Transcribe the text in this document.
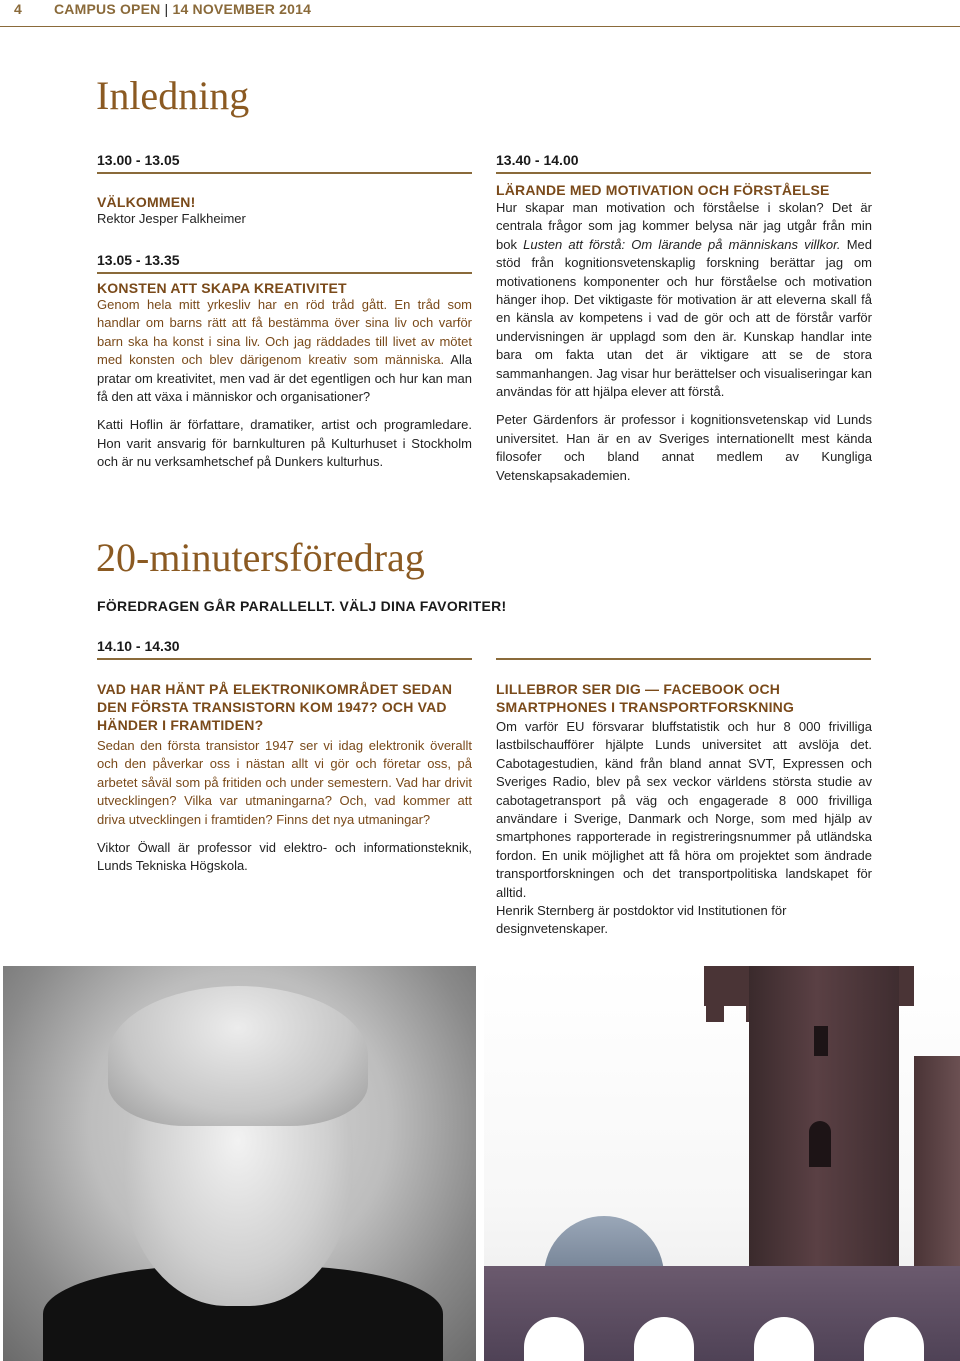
4 CAMPUS OPEN | 14 NOVEMBER 2014
Inledning
13.00 - 13.05
VÄLKOMMEN!
Rektor Jesper Falkheimer
13.05 - 13.35
KONSTEN ATT SKAPA KREATIVITET

Genom hela mitt yrkesliv har en röd tråd gått. En tråd som handlar om barns rätt att få bestämma över sina liv och varför barn ska ha konst i sina liv. Och jag räddades till livet av mötet med konsten och blev därigenom kreativ som människa. Alla pratar om kreativitet, men vad är det egentligen och hur kan man få den att växa i människor och organisationer?

Katti Hoflin är författare, dramatiker, artist och programledare. Hon varit ansvarig för barnkulturen på Kulturhuset i Stockholm och är nu verksamhetschef på Dunkers kulturhus.

13.40 - 14.00
LÄRANDE MED MOTIVATION OCH FÖRSTÅELSE

Hur skapar man motivation och förståelse i skolan? Det är centrala frågor som jag kommer belysa när jag utgår från min bok Lusten att förstå: Om lärande på människans villkor. Med stöd från kognitionsvetenskaplig forskning berättar jag om motivationens komponenter och hur förståelse och motivation hänger ihop. Det viktigaste för motivation är att eleverna skall få en känsla av kompetens i vad de gör och att de förstår varför undervisningen är upplagd som den är. Kunskap handlar inte bara om fakta utan det är viktigare att se de stora sammanhangen. Jag visar hur berättelser och visualiseringar kan användas för att hjälpa elever att förstå.

Peter Gärdenfors är professor i kognitionsvetenskap vid Lunds universitet. Han är en av Sveriges internationellt mest kända filosofer och bland annat medlem av Kungliga Vetenskapsakademien.

20-minutersföredrag
FÖREDRAGEN GÅR PARALLELLT. VÄLJ DINA FAVORITER!
14.10 - 14.30
VAD HAR HÄNT PÅ ELEKTRONIKOMRÅDET SEDAN DEN FÖRSTA TRANSISTORN KOM 1947? OCH VAD HÄNDER I FRAMTIDEN?

Sedan den första transistor 1947 ser vi idag elektronik överallt och den påverkar oss i nästan allt vi gör och företar oss, på arbetet såväl som på fritiden och under semestern. Vad har drivit utvecklingen? Vilka var utmaningarna? Och, vad kommer att driva utvecklingen i framtiden? Finns det nya utmaningar?

Viktor Öwall är professor vid elektro- och informationsteknik, Lunds Tekniska Högskola.

LILLEBROR SER DIG — FACEBOOK OCH SMARTPHONES I TRANSPORTFORSKNING

Om varför EU försvarar bluffstatistik och hur 8 000 frivilliga lastbilschaufförer hjälpte Lunds universitet att avslöja det. Cabotagestudien, känd från bland annat SVT, Expressen och Sveriges Radio, blev på sex veckor världens största studie av cabotagetransport på väg och engagerade 8 000 frivilliga användare i Sverige, Danmark och Norge, som med hjälp av smartphones rapporterade in registreringsnummer på utländska fordon. En unik möjlighet att få höra om projektet som ändrade transportforskningen och det transportpolitiska landskapet för alltid.

Henrik Sternberg är postdoktor vid Institutionen för designvetenskaper.
